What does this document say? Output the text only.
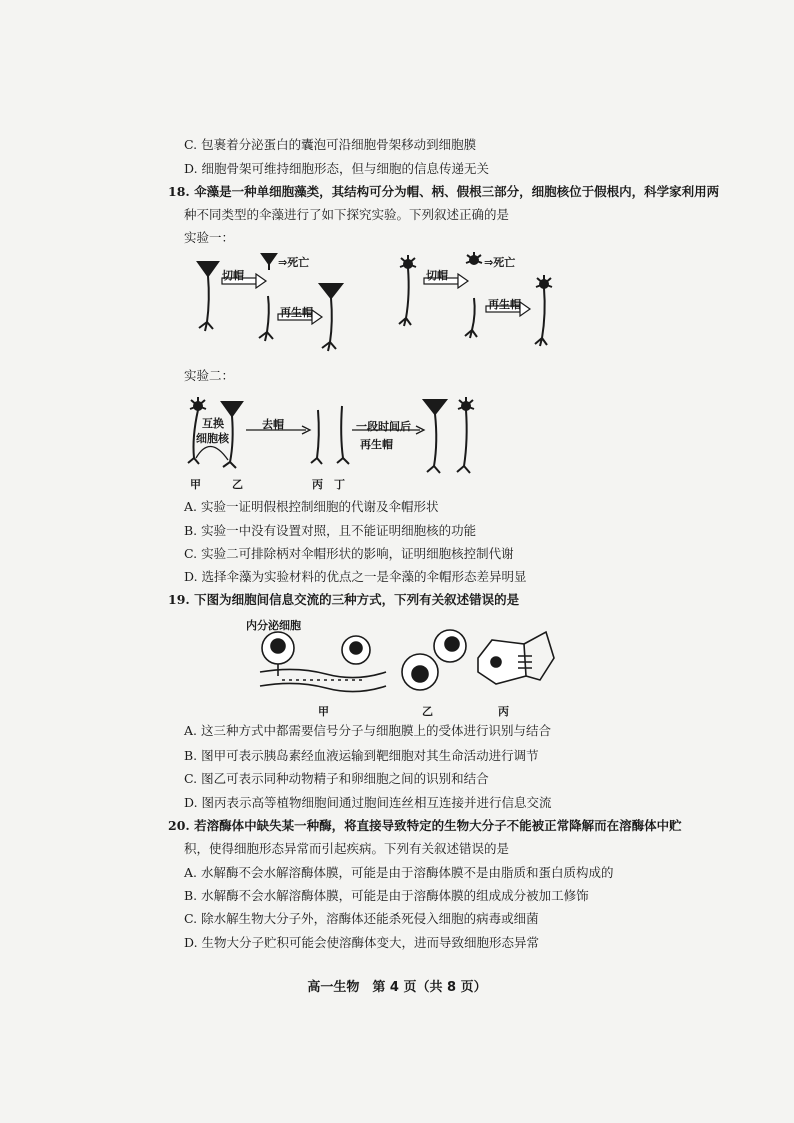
C. 包裹着分泌蛋白的囊泡可沿细胞骨架移动到细胞膜
D. 细胞骨架可维持细胞形态，但与细胞的信息传递无关
18. 伞藻是一种单细胞藻类，其结构可分为帽、柄、假根三部分，细胞核位于假根内，科学家利用两
种不同类型的伞藻进行了如下探究实验。下列叙述正确的是
实验一：
切帽
⇒死亡
再生帽
切帽
⇒死亡
再生帽
实验二：
互换
细胞核
去帽	一段时间后
再生帽
甲	乙	丙 丁
A. 实验一证明假根控制细胞的代谢及伞帽形状
B. 实验一中没有设置对照，且不能证明细胞核的功能
C. 实验二可排除柄对伞帽形状的影响，证明细胞核控制代谢
D. 选择伞藻为实验材料的优点之一是伞藻的伞帽形态差异明显
19. 下图为细胞间信息交流的三种方式，下列有关叙述错误的是
内分泌细胞
甲	乙	丙
A. 这三种方式中都需要信号分子与细胞膜上的受体进行识别与结合
B. 图甲可表示胰岛素经血液运输到靶细胞对其生命活动进行调节
C. 图乙可表示同种动物精子和卵细胞之间的识别和结合
D. 图丙表示高等植物细胞间通过胞间连丝相互连接并进行信息交流
20. 若溶酶体中缺失某一种酶，将直接导致特定的生物大分子不能被正常降解而在溶酶体中贮
积，使得细胞形态异常而引起疾病。下列有关叙述错误的是
A. 水解酶不会水解溶酶体膜，可能是由于溶酶体膜不是由脂质和蛋白质构成的
B. 水解酶不会水解溶酶体膜，可能是由于溶酶体膜的组成成分被加工修饰
C. 除水解生物大分子外，溶酶体还能杀死侵入细胞的病毒或细菌
D. 生物大分子贮积可能会使溶酶体变大，进而导致细胞形态异常
高一生物　第 4 页（共 8 页）
